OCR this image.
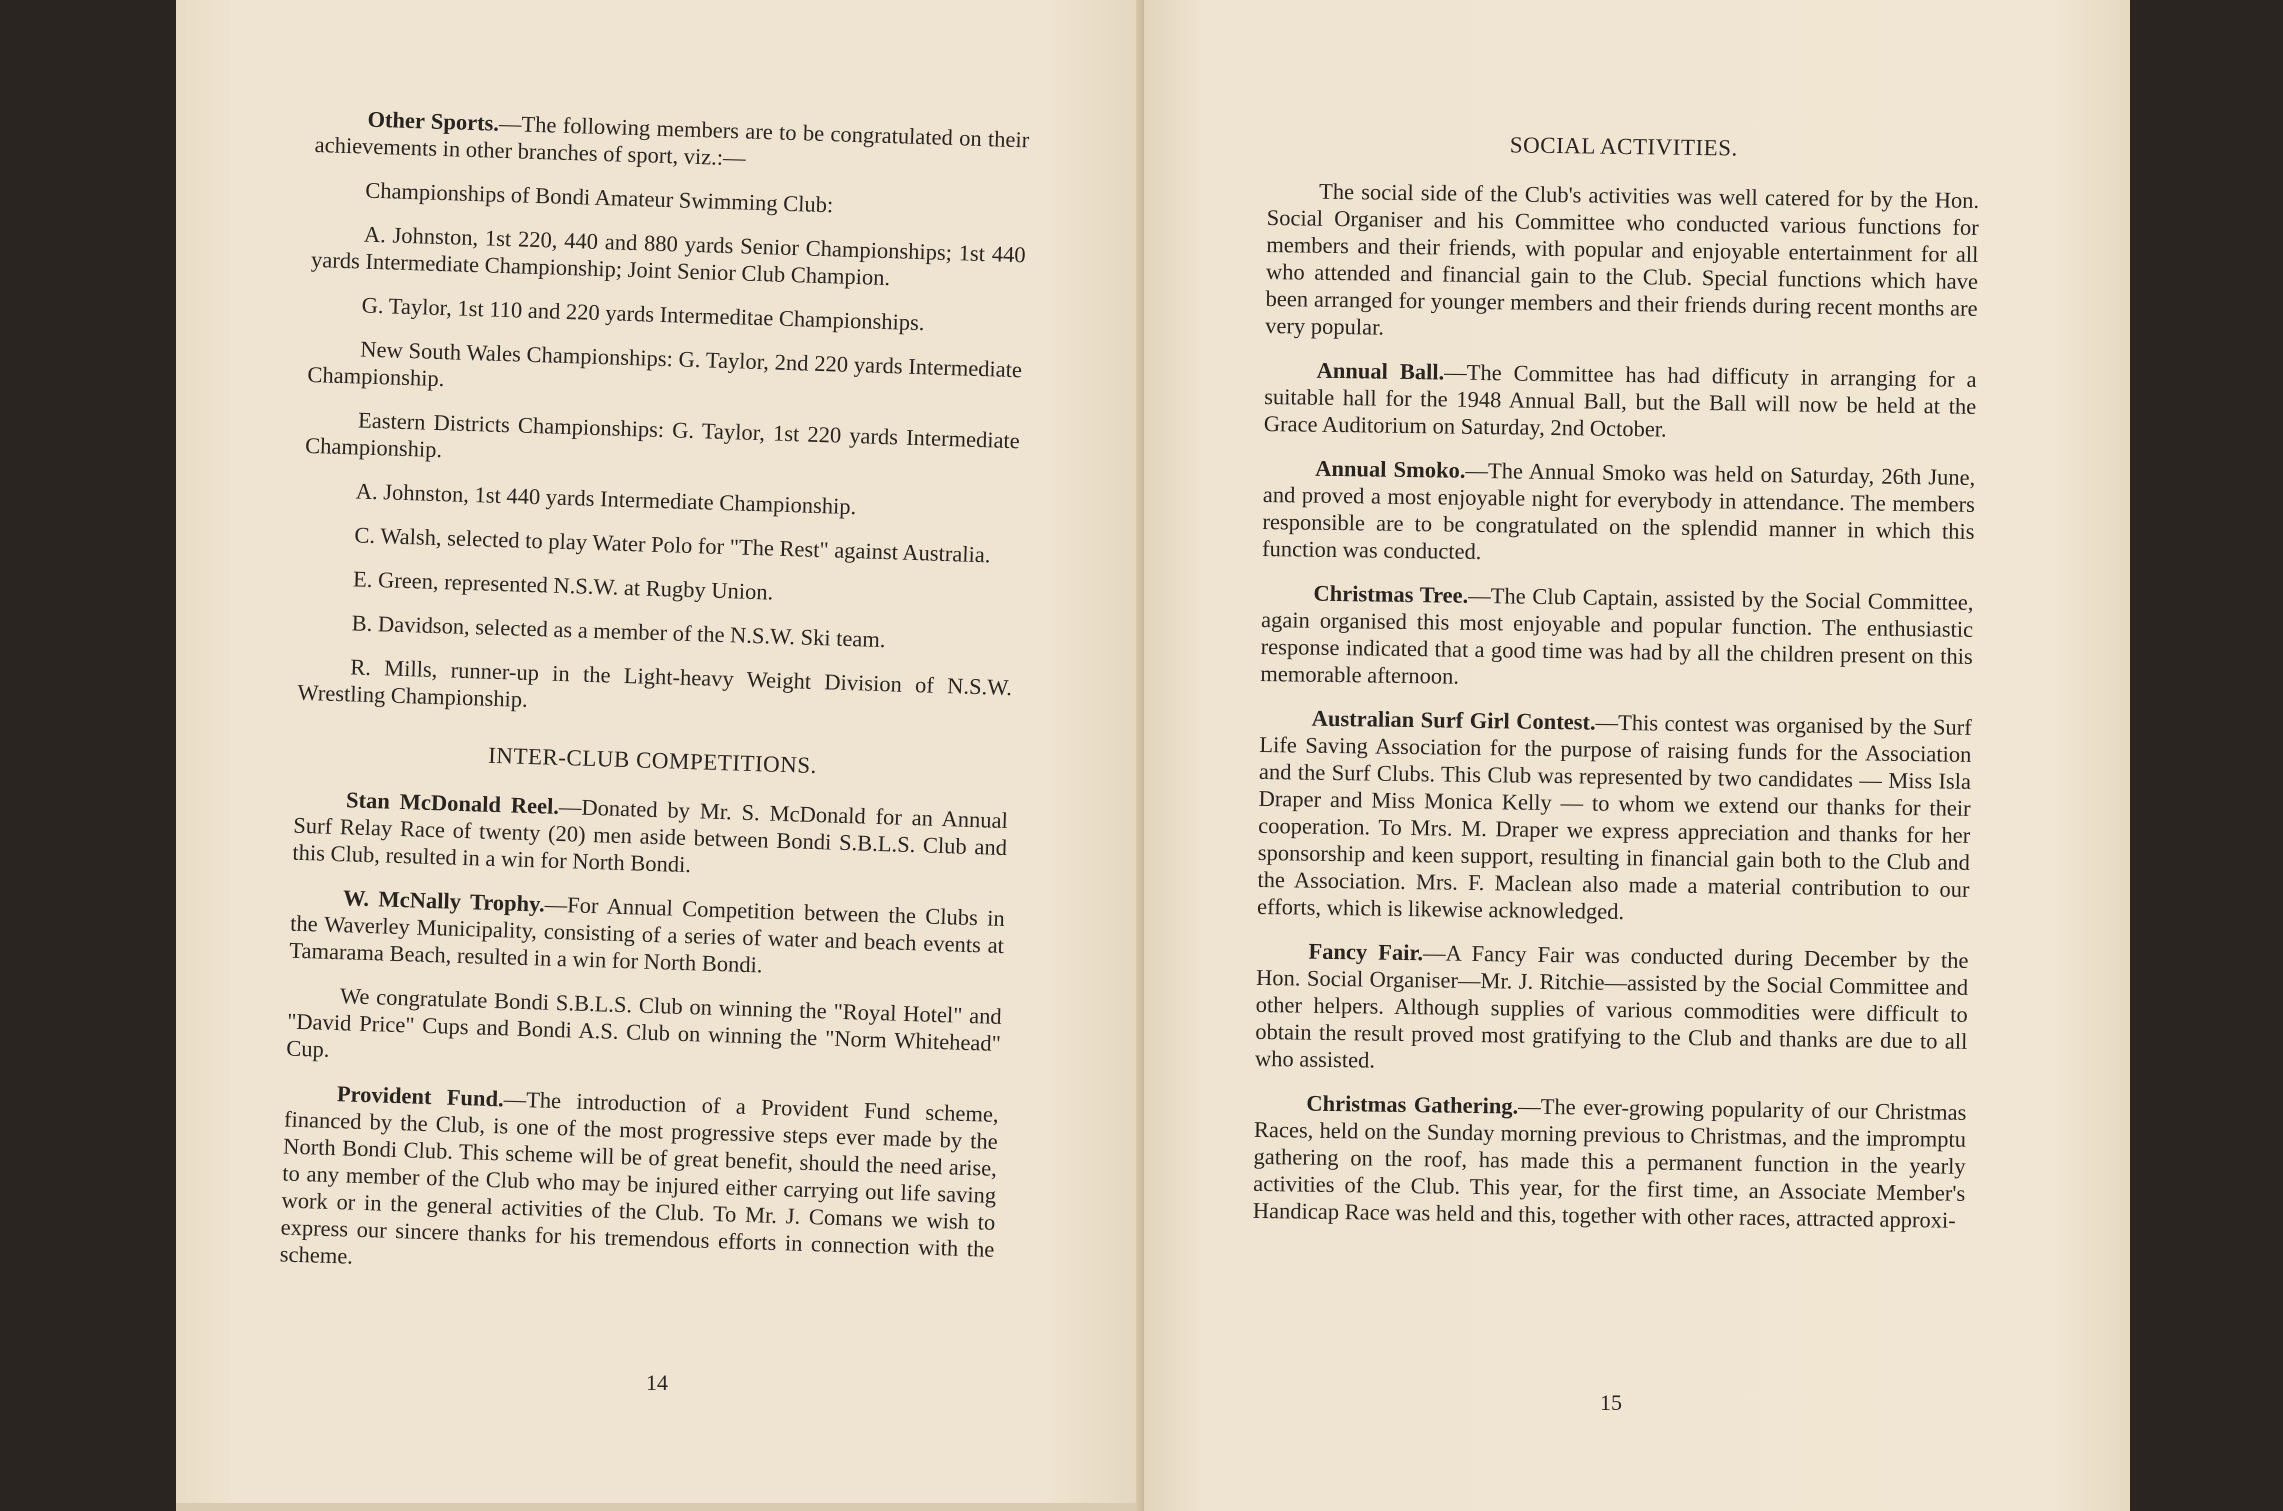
Other Sports.—The following members are to be congratulated on their achievements in other branches of sport, viz.:—

Championships of Bondi Amateur Swimming Club:

A. Johnston, 1st 220, 440 and 880 yards Senior Championships; 1st 440 yards Intermediate Championship; Joint Senior Club Champion.

G. Taylor, 1st 110 and 220 yards Intermeditae Championships.

New South Wales Championships: G. Taylor, 2nd 220 yards Intermediate Championship.

Eastern Districts Championships: G. Taylor, 1st 220 yards Intermediate Championship.

A. Johnston, 1st 440 yards Intermediate Championship.

C. Walsh, selected to play Water Polo for "The Rest" against Australia.

E. Green, represented N.S.W. at Rugby Union.

B. Davidson, selected as a member of the N.S.W. Ski team.

R. Mills, runner-up in the Light-heavy Weight Division of N.S.W. Wrestling Championship.

INTER-CLUB COMPETITIONS.

Stan McDonald Reel.—Donated by Mr. S. McDonald for an Annual Surf Relay Race of twenty (20) men aside between Bondi S.B.L.S. Club and this Club, resulted in a win for North Bondi.

W. McNally Trophy.—For Annual Competition between the Clubs in the Waverley Municipality, consisting of a series of water and beach events at Tamarama Beach, resulted in a win for North Bondi.

We congratulate Bondi S.B.L.S. Club on winning the "Royal Hotel" and "David Price" Cups and Bondi A.S. Club on winning the "Norm Whitehead" Cup.

Provident Fund.—The introduction of a Provident Fund scheme, financed by the Club, is one of the most progressive steps ever made by the North Bondi Club. This scheme will be of great benefit, should the need arise, to any member of the Club who may be injured either carrying out life saving work or in the general activities of the Club. To Mr. J. Comans we wish to express our sincere thanks for his tremendous efforts in connection with the scheme.

14
SOCIAL ACTIVITIES.

The social side of the Club's activities was well catered for by the Hon. Social Organiser and his Committee who conducted various functions for members and their friends, with popular and enjoyable entertainment for all who attended and financial gain to the Club. Special functions which have been arranged for younger members and their friends during recent months are very popular.

Annual Ball.—The Committee has had difficuty in arranging for a suitable hall for the 1948 Annual Ball, but the Ball will now be held at the Grace Auditorium on Saturday, 2nd October.

Annual Smoko.—The Annual Smoko was held on Saturday, 26th June, and proved a most enjoyable night for everybody in attendance. The members responsible are to be congratulated on the splendid manner in which this function was conducted.

Christmas Tree.—The Club Captain, assisted by the Social Committee, again organised this most enjoyable and popular function. The enthusiastic response indicated that a good time was had by all the children present on this memorable afternoon.

Australian Surf Girl Contest.—This contest was organised by the Surf Life Saving Association for the purpose of raising funds for the Association and the Surf Clubs. This Club was represented by two candidates — Miss Isla Draper and Miss Monica Kelly — to whom we extend our thanks for their cooperation. To Mrs. M. Draper we express appreciation and thanks for her sponsorship and keen support, resulting in financial gain both to the Club and the Association. Mrs. F. Maclean also made a material contribution to our efforts, which is likewise acknowledged.

Fancy Fair.—A Fancy Fair was conducted during December by the Hon. Social Organiser—Mr. J. Ritchie—assisted by the Social Committee and other helpers. Although supplies of various commodities were difficult to obtain the result proved most gratifying to the Club and thanks are due to all who assisted.

Christmas Gathering.—The ever-growing popularity of our Christmas Races, held on the Sunday morning previous to Christmas, and the impromptu gathering on the roof, has made this a permanent function in the yearly activities of the Club. This year, for the first time, an Associate Member's Handicap Race was held and this, together with other races, attracted approxi-

15
